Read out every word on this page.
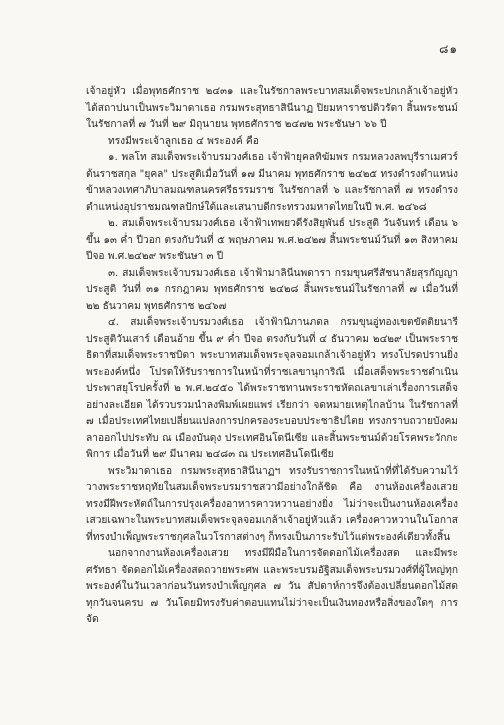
๘๑

เจ้าอยู่หัว เมื่อพุทธศักราช ๒๔๓๑ และในรัชกาลพระบาทสมเด็จพระปกเกล้าเจ้าอยู่หัว ได้สถาปนาเป็นพระวิมาดาเธอ กรมพระสุทธาสินีนาฏ ปิยมหาราชปดิวรัดา สิ้นพระชนม์ ในรัชกาลที่ ๗ วันที่ ๒๙ มิถุนายน พุทธศักราช ๒๔๗๒ พระชันษา ๖๖ ปี

ทรงมีพระเจ้าลูกเธอ ๔ พระองค์ คือ

๑. พลโท สมเด็จพระเจ้าบรมวงศ์เธอ เจ้าฟ้ายุคลทิฆัมพร กรมหลวงลพบุรีราเมศวร์ ต้นราชสกุล "ยุคล" ประสูติเมื่อวันที่ ๑๗ มีนาคม พุทธศักราช ๒๔๒๕ ทรงดำรงตำแหน่งข้าหลวงเทศาภิบาลมณฑลนครศรีธรรมราช ในรัชกาลที่ ๖ และรัชกาลที่ ๗ ทรงดำรงตำแหน่งอุปราชมณฑลปักษ์ใต้และเสนาบดีกระทรวงมหาดไทยในปี พ.ศ. ๒๔๖๘

๒. สมเด็จพระเจ้าบรมวงศ์เธอ เจ้าฟ้าเทพยวดีรังสิยุพันธ์ ประสูติ วันจันทร์ เดือน ๖ ขึ้น ๑๓ ค่ำ ปีวอก ตรงกับวันที่ ๕ พฤษภาคม พ.ศ.๒๔๒๗ สิ้นพระชนม์วันที่ ๑๓ สิงหาคม ปีจอ พ.ศ.๒๔๒๙ พระชันษา ๓ ปี

๓. สมเด็จพระเจ้าบรมวงศ์เธอ เจ้าฟ้ามาลินีนพดารา กรมขุนศรีสัชนาลัยสุรกัญญา ประสูติ วันที่ ๓๑ กรกฎาคม พุทธศักราช ๒๔๒๘ สิ้นพระชนม์ในรัชกาลที่ ๗ เมื่อวันที่ ๒๒ ธันวาคม พุทธศักราช ๒๔๖๗

๔. สมเด็จพระเจ้าบรมวงศ์เธอ เจ้าฟ้านิภานภดล กรมขุนอู่ทองเขตขัตติยนารี ประสูติวันเสาร์ เดือนอ้าย ขึ้น ๙ ค่ำ ปีจอ ตรงกับวันที่ ๔ ธันวาคม ๒๔๒๙ เป็นพระราชธิดาที่สมเด็จพระราชบิดา พระบาทสมเด็จพระจุลจอมเกล้าเจ้าอยู่หัว ทรงโปรดปรานยิ่งพระองค์หนึ่ง โปรดให้รับราชการในหน้าที่ราชเลขานุการิณี เมื่อเสด็จพระราชดำเนินประพาสยุโรปครั้งที่ ๒ พ.ศ.๒๔๕๐ ได้พระราชทานพระราชหัตถเลขาเล่าเรื่องการเสด็จอย่างละเอียด ได้รวบรวมนำลงพิมพ์เผยแพร่ เรียกว่า จดหมายเหตุไกลบ้าน ในรัชกาลที่ ๗ เมื่อประเทศไทยเปลี่ยนแปลงการปกครองระบอบประชาธิปไตย ทรงกราบถวายบังคมลาออกไปประทับ ณ เมืองบันดุง ประเทศอินโดนีเซีย และสิ้นพระชนม์ด้วยโรคพระวักกะพิการ เมื่อวันที่ ๒๙ มีนาคม ๒๔๘๓ ณ ประเทศอินโดนีเซีย

พระวิมาดาเธอ กรมพระสุทธาสินีนาฏฯ ทรงรับราชการในหน้าที่ที่ได้รับความไว้วางพระราชหฤทัยในสมเด็จพระบรมราชสวามีอย่างใกล้ชิด คือ งานห้องเครื่องเสวย ทรงมีฝีพระหัตถ์ในการปรุงเครื่องอาหารคาวหวานอย่างยิ่ง ไม่ว่าจะเป็นงานห้องเครื่องเสวยเฉพาะในพระบาทสมเด็จพระจุลจอมเกล้าเจ้าอยู่หัวแล้ว เครื่องคาวหวานในโอกาสที่ทรงบำเพ็ญพระราชกุศลในวโรกาสต่างๆ ก็ทรงเป็นภาระรับไว้แต่พระองค์เดียวทั้งสิ้น

นอกจากงานห้องเครื่องเสวย ทรงมีฝีมือในการจัดดอกไม้เครื่องสด และมีพระศรัทธา จัดดอกไม้เครื่องสดถวายพระศพ และพระบรมอัฐิสมเด็จพระบรมวงศ์ที่ผู้ใหญ่ทุกพระองค์ในวันเวลาก่อนวันทรงบำเพ็ญกุศล ๗ วัน สัปดาห์การจึงต้องเปลี่ยนดอกไม้สดทุกวันจนครบ ๗ วันโดยมิทรงรับค่าตอบแทนไม่ว่าจะเป็นเงินทองหรือสิ่งของใดๆ การจัด
